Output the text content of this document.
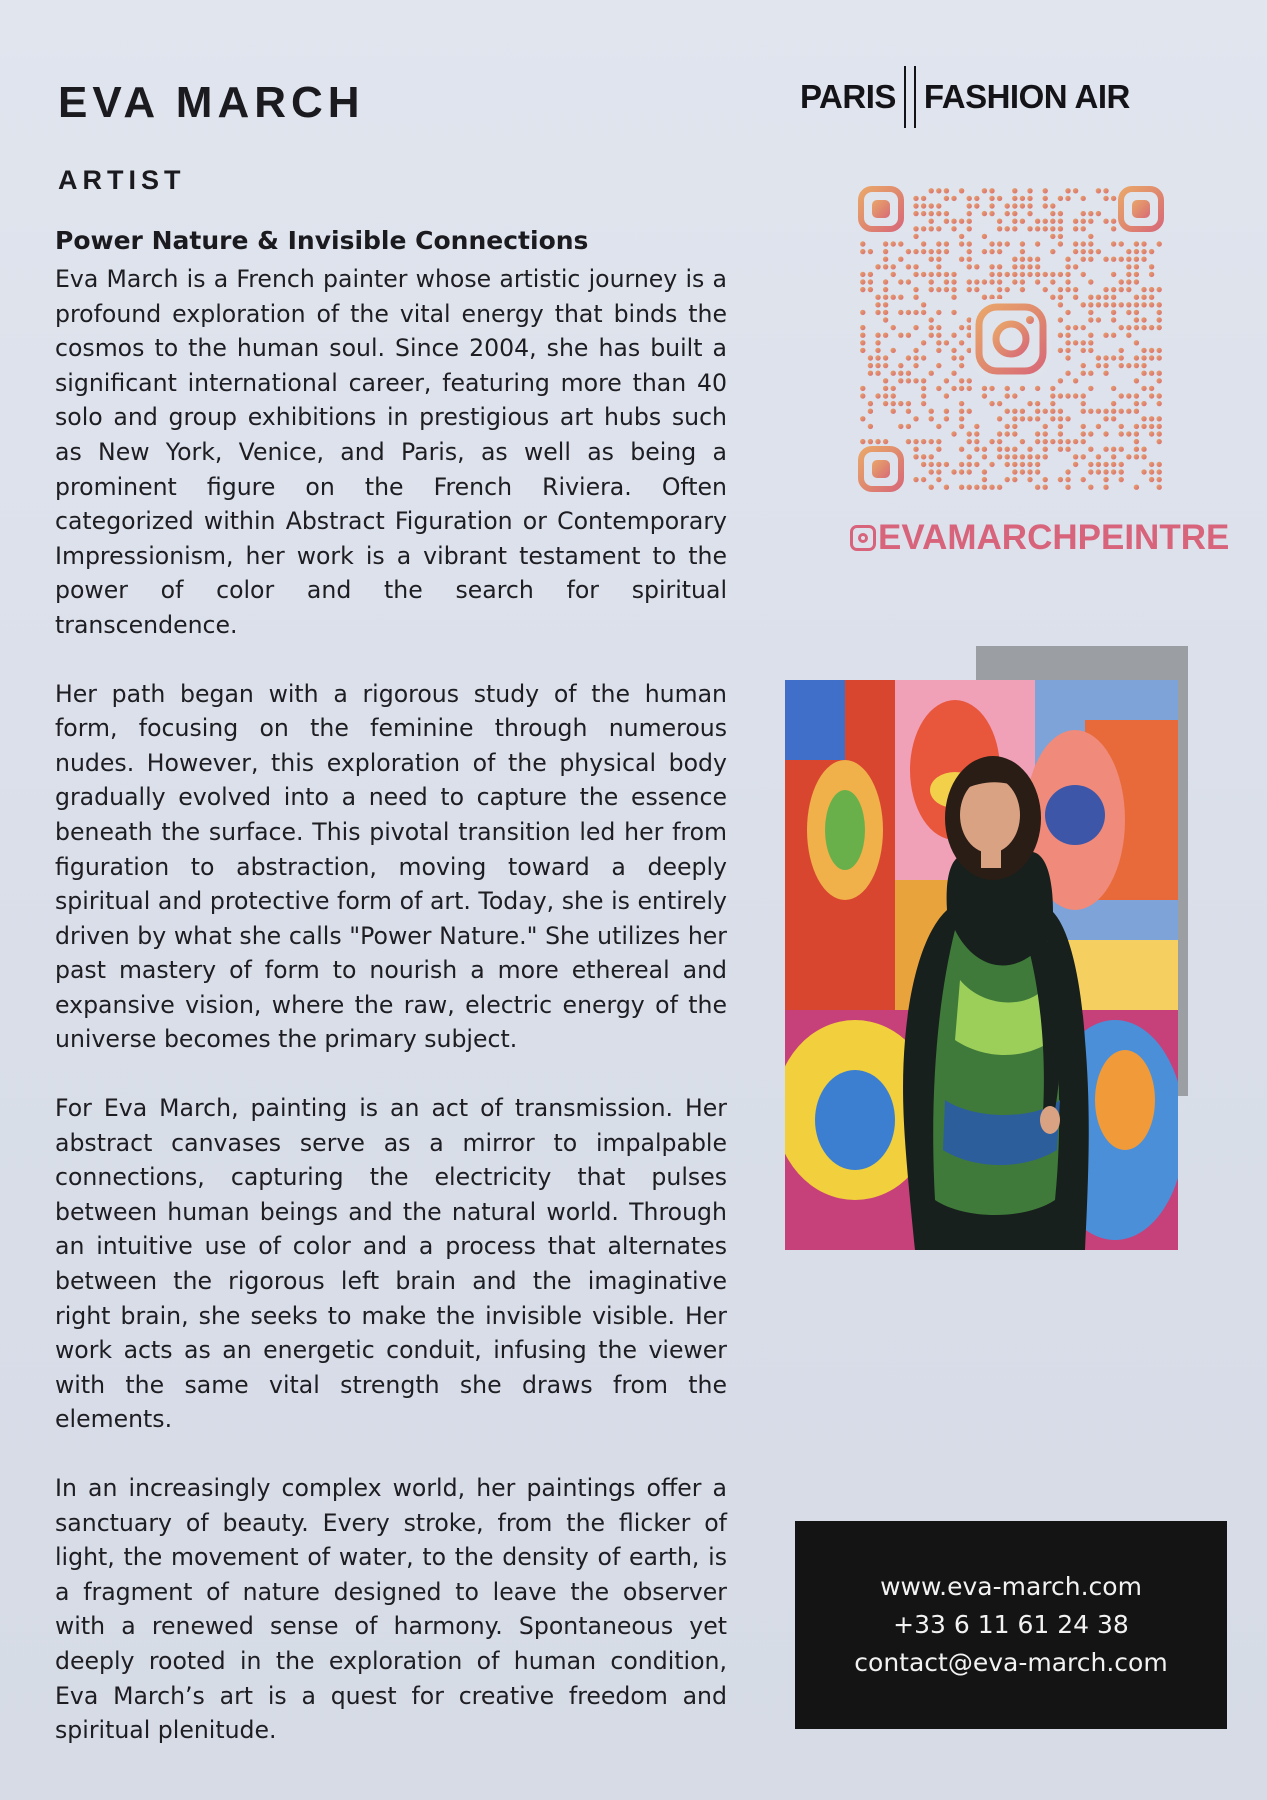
EVA MARCH
ARTIST
PARIS FASHION AIR
Power Nature & Invisible Connections

Eva March is a French painter whose artistic journey is a profound exploration of the vital energy that binds the cosmos to the human soul. Since 2004, she has built a significant international career, featuring more than 40 solo and group exhibitions in prestigious art hubs such as New York, Venice, and Paris, as well as being a prominent figure on the French Riviera. Often categorized within Abstract Figuration or Contemporary Impressionism, her work is a vibrant testament to the power of color and the search for spiritual transcendence.

Her path began with a rigorous study of the human form, focusing on the feminine through numerous nudes. However, this exploration of the physical body gradually evolved into a need to capture the essence beneath the surface. This pivotal transition led her from figuration to abstraction, moving toward a deeply spiritual and protective form of art. Today, she is entirely driven by what she calls "Power Nature." She utilizes her past mastery of form to nourish a more ethereal and expansive vision, where the raw, electric energy of the universe becomes the primary subject.

For Eva March, painting is an act of transmission. Her abstract canvases serve as a mirror to impalpable connections, capturing the electricity that pulses between human beings and the natural world. Through an intuitive use of color and a process that alternates between the rigorous left brain and the imaginative right brain, she seeks to make the invisible visible. Her work acts as an energetic conduit, infusing the viewer with the same vital strength she draws from the elements.

In an increasingly complex world, her paintings offer a sanctuary of beauty. Every stroke, from the flicker of light, the movement of water, to the density of earth, is a fragment of nature designed to leave the observer with a renewed sense of harmony. Spontaneous yet deeply rooted in the exploration of human condition, Eva March’s art is a quest for creative freedom and spiritual plenitude.

EVAMARCHPEINTRE
www.eva-march.com
+33 6 11 61 24 38
contact@eva-march.com
